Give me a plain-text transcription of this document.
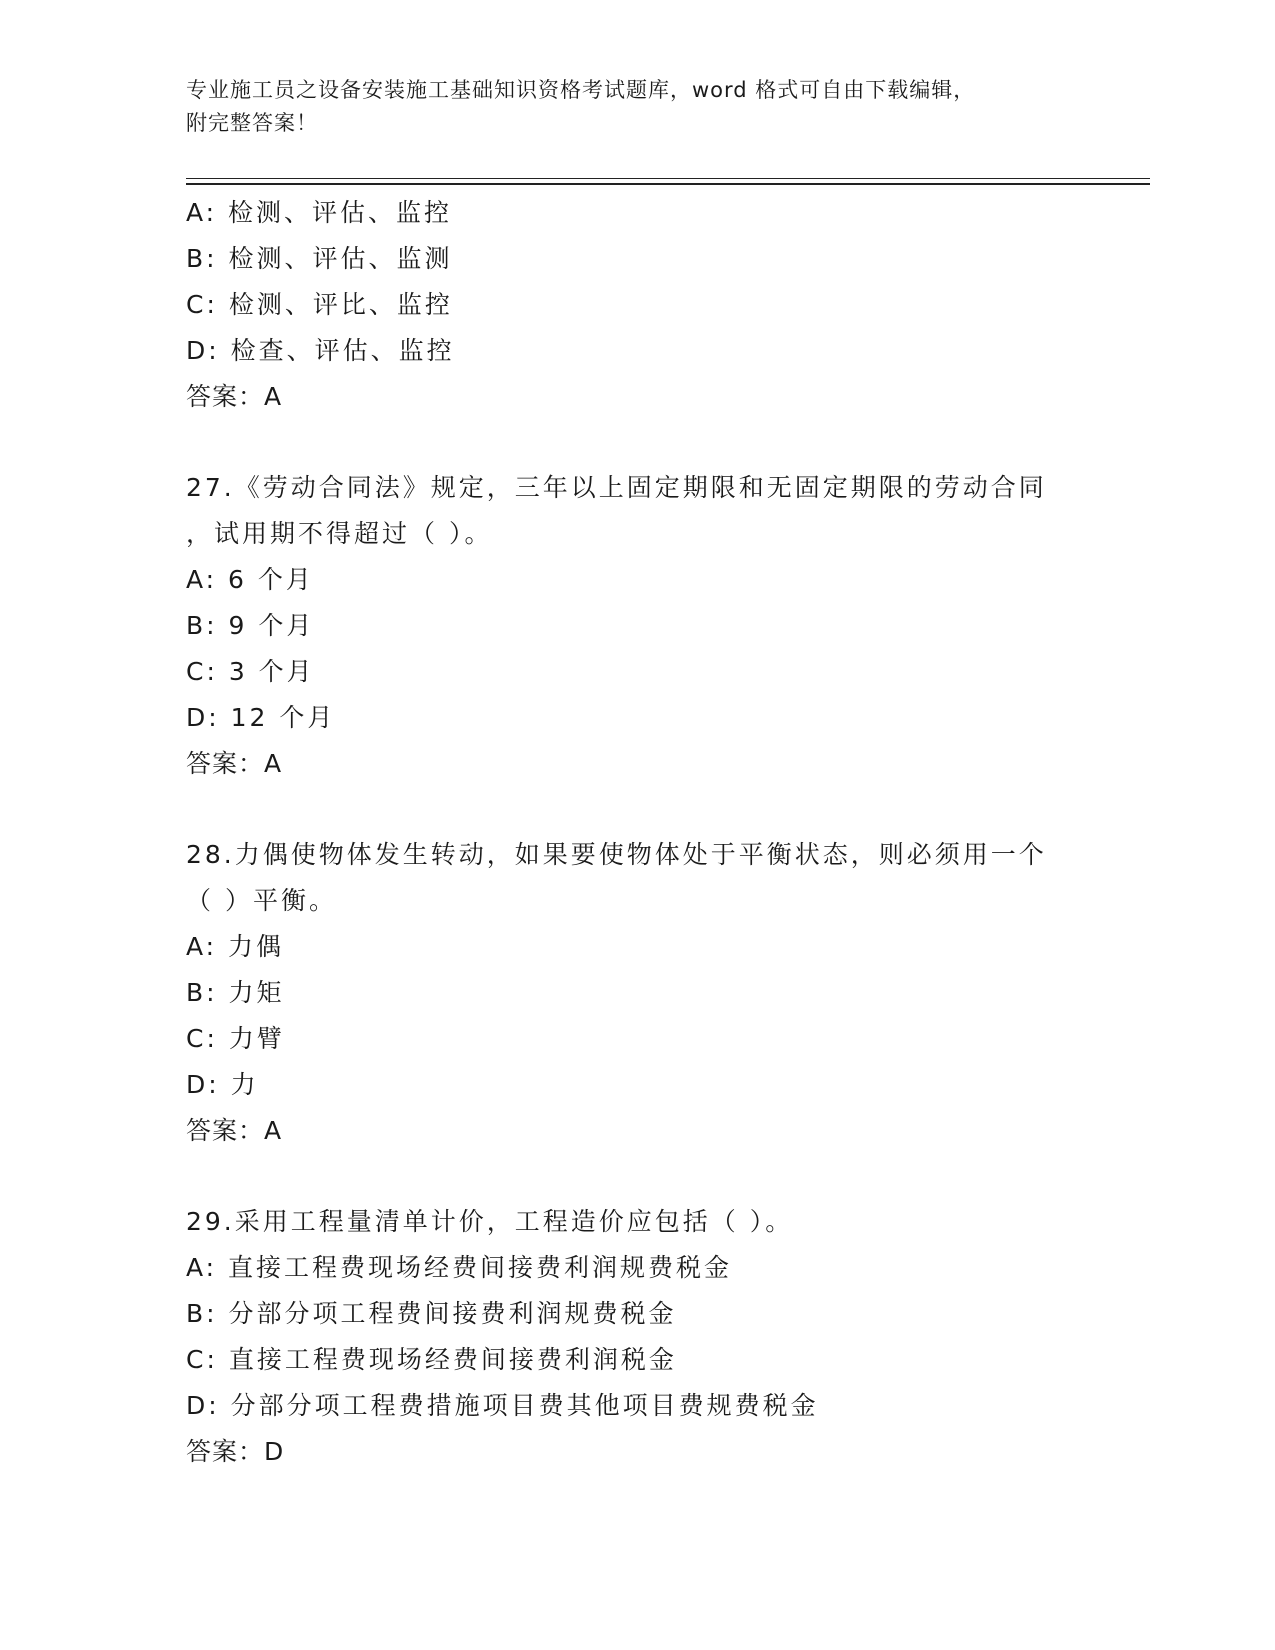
专业施工员之设备安装施工基础知识资格考试题库，word 格式可自由下载编辑，
附完整答案！
A: 检测、评估、监控
B: 检测、评估、监测
C: 检测、评比、监控
D: 检查、评估、监控
答案：A
27.《劳动合同法》规定，三年以上固定期限和无固定期限的劳动合同
，试用期不得超过（ ）。
A: 6 个月
B: 9 个月
C: 3 个月
D: 12 个月
答案：A
28.力偶使物体发生转动，如果要使物体处于平衡状态，则必须用一个
（ ）平衡。
A: 力偶
B: 力矩
C: 力臂
D: 力
答案：A
29.采用工程量清单计价，工程造价应包括（ ）。
A: 直接工程费现场经费间接费利润规费税金
B: 分部分项工程费间接费利润规费税金
C: 直接工程费现场经费间接费利润税金
D: 分部分项工程费措施项目费其他项目费规费税金
答案：D
